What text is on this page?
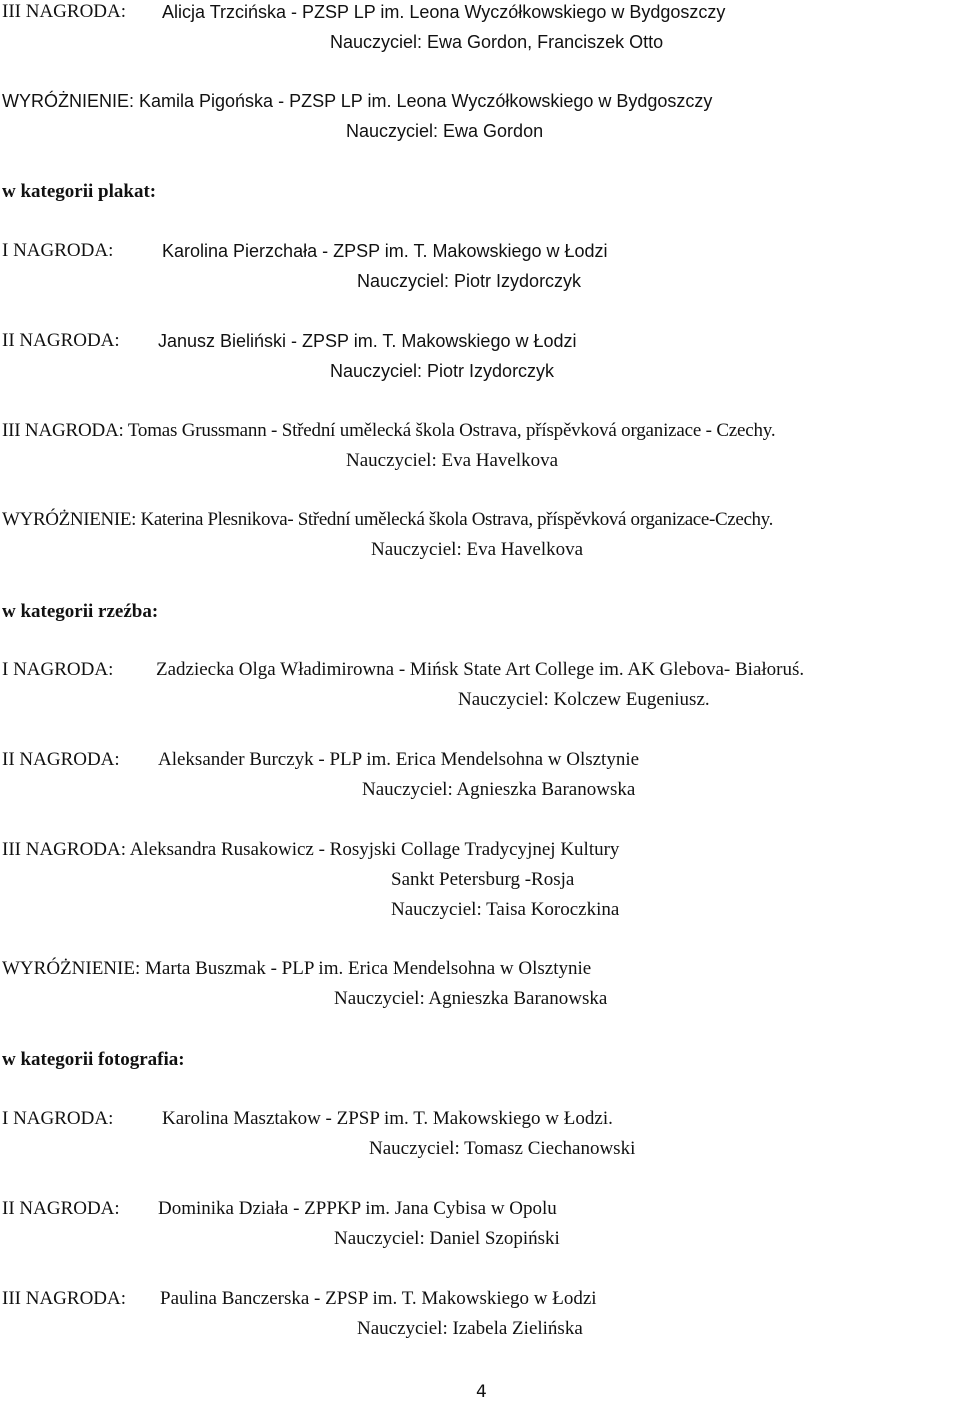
III NAGRODA: Alicja Trzcińska - PZSP LP im. Leona Wyczółkowskiego w Bydgoszczy
Nauczyciel: Ewa Gordon, Franciszek Otto
WYRÓŻNIENIE: Kamila Pigońska - PZSP LP im. Leona Wyczółkowskiego w Bydgoszczy
Nauczyciel: Ewa Gordon
w kategorii plakat:
I NAGRODA:	Karolina Pierzchała - ZPSP im. T. Makowskiego w Łodzi
Nauczyciel: Piotr Izydorczyk
II NAGRODA: Janusz Bieliński - ZPSP im. T. Makowskiego w Łodzi
Nauczyciel: Piotr Izydorczyk
III NAGRODA: Tomas Grussmann - Střední umělecká škola Ostrava, příspěvková organizace - Czechy.
Nauczyciel: Eva Havelkova
WYRÓŻNIENIE: Katerina Plesnikova- Střední umělecká škola Ostrava, příspěvková organizace-Czechy.
Nauczyciel: Eva Havelkova
w kategorii rzeźba:
I NAGRODA: Zadziecka Olga Władimirowna - Mińsk State Art College im. AK Glebova- Białoruś.
Nauczyciel: Kolczew Eugeniusz.
II NAGRODA: Aleksander Burczyk - PLP im. Erica Mendelsohna w Olsztynie
Nauczyciel: Agnieszka Baranowska
III NAGRODA: Aleksandra Rusakowicz - Rosyjski Collage Tradycyjnej Kultury
Sankt Petersburg -Rosja
Nauczyciel: Taisa Koroczkina
WYRÓŻNIENIE: Marta Buszmak - PLP im. Erica Mendelsohna w Olsztynie
Nauczyciel: Agnieszka Baranowska
w kategorii fotografia:
I NAGRODA:	Karolina Masztakow - ZPSP im. T. Makowskiego w Łodzi.
Nauczyciel: Tomasz Ciechanowski
II NAGRODA: Dominika Działa - ZPPKP im. Jana Cybisa w Opolu
Nauczyciel: Daniel Szopiński
III NAGRODA: Paulina Banczerska - ZPSP im. T. Makowskiego w Łodzi
Nauczyciel: Izabela Zielińska
4
